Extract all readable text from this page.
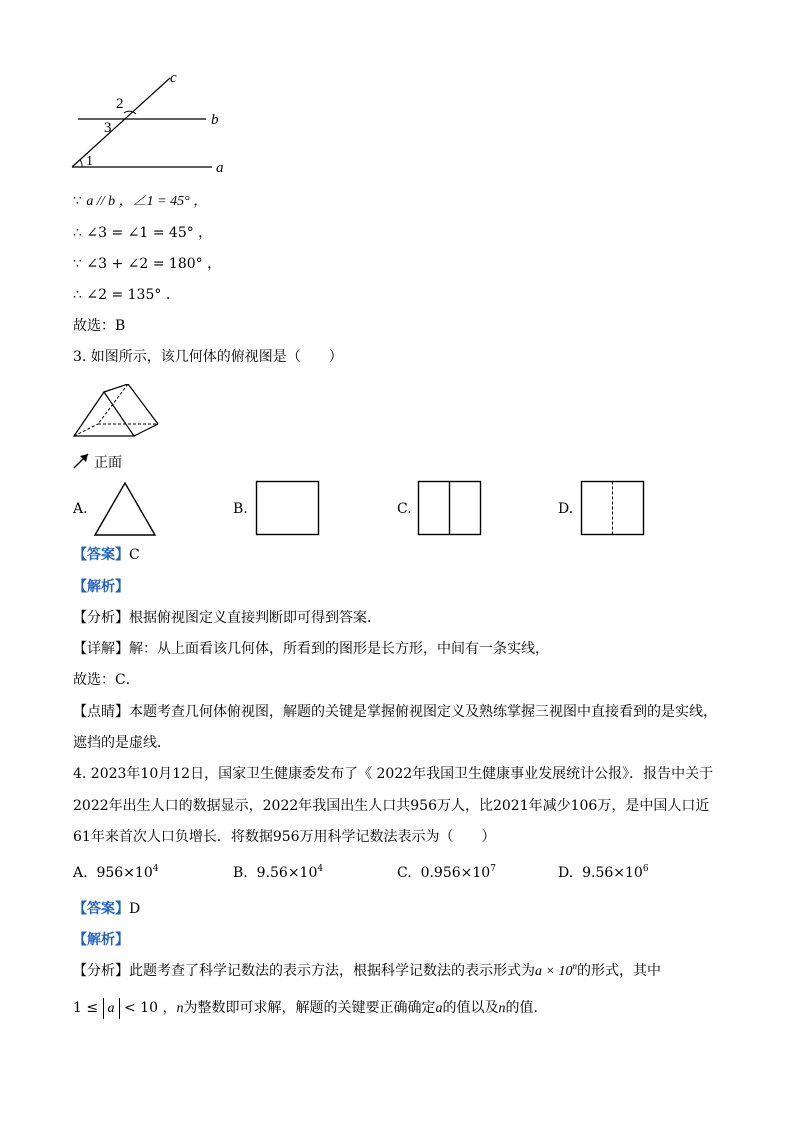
c
b
a
2
3
1
∵ a // b ，∠1 = 45° ，
∴ ∠3 = ∠1 = 45° ，
∵ ∠3 + ∠2 = 180° ，
∴ ∠2 = 135° .
故选：B
3. 如图所示，该几何体的俯视图是（　　）
正面
A.	B.	C.	D.
【答案】C
【解析】
【分析】根据俯视图定义直接判断即可得到答案．
【详解】解：从上面看该几何体，所看到的图形是长方形，中间有一条实线，
故选：C．
【点睛】本题考查几何体俯视图，解题的关键是掌握俯视图定义及熟练掌握三视图中直接看到的是实线，
遮挡的是虚线．
4. 2023年10月12日，国家卫生健康委发布了《 2022年我国卫生健康事业发展统计公报》．报告中关于
2022年出生人口的数据显示，2022年我国出生人口共956万人，比2021年减少106万，是中国人口近
61年来首次人口负增长．将数据956万用科学记数法表示为（　　）
A. $956\times 10^4$	B. $9.56\times 10^4$	C. $0.956\times 10^7$	D. $9.56\times 10^6$
【答案】D
【解析】
【分析】此题考查了科学记数法的表示方法，根据科学记数法的表示形式为$a \times 10^n$的形式，其中
1 ≤ a < 10 ，n为整数即可求解，解题的关键要正确确定a的值以及n的值．
